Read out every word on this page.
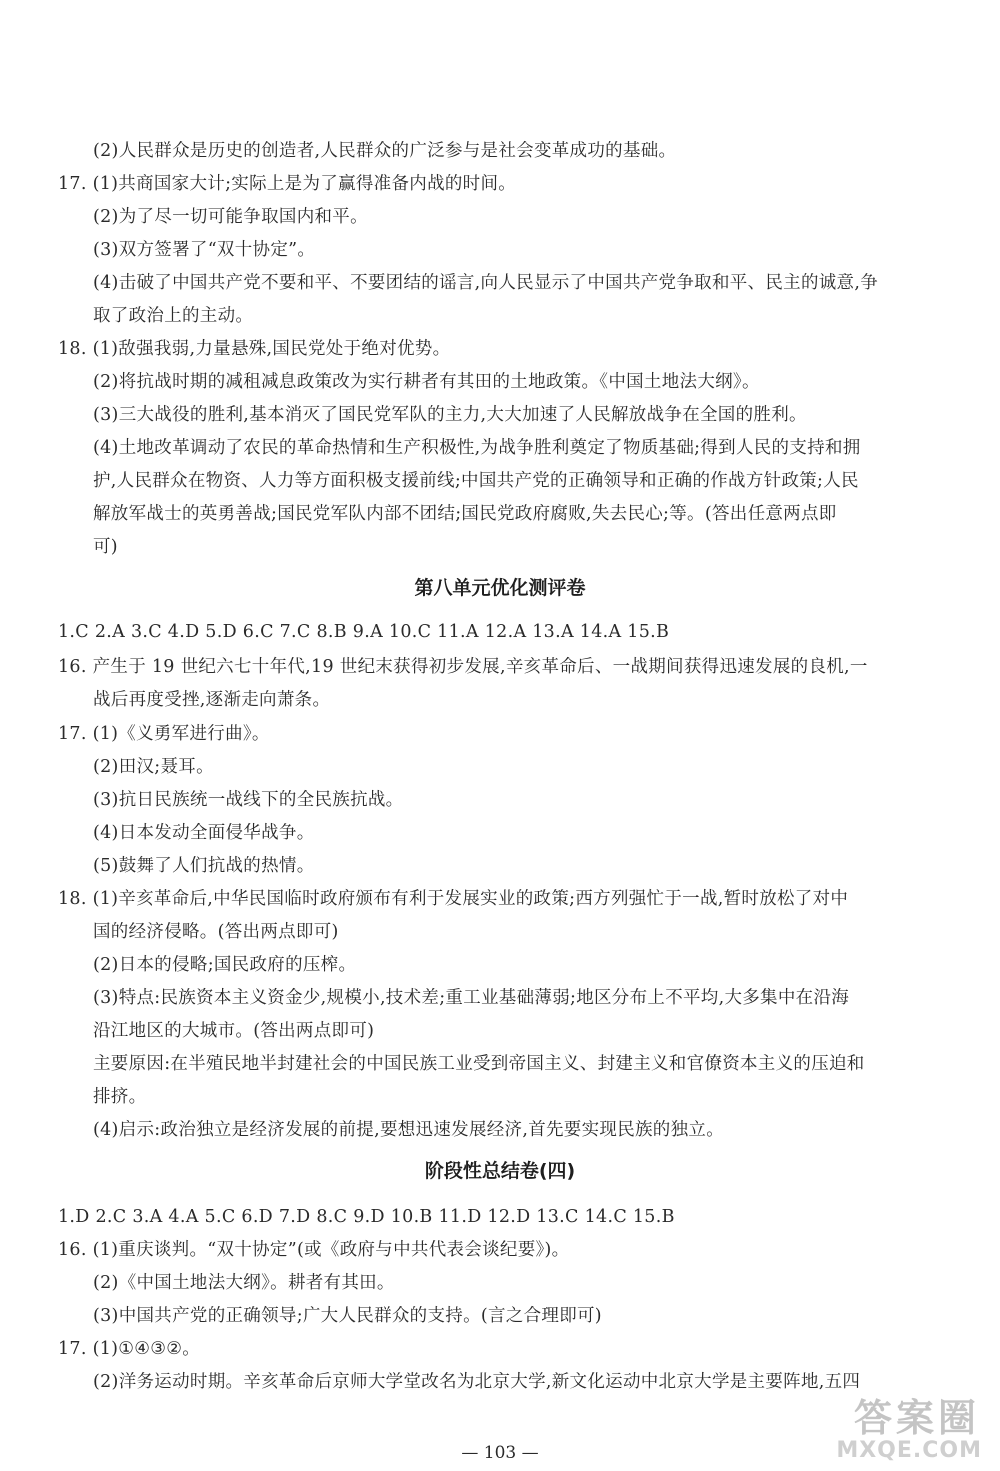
(2)人民群众是历史的创造者,人民群众的广泛参与是社会变革成功的基础。
17. (1)共商国家大计;实际上是为了赢得准备内战的时间。
(2)为了尽一切可能争取国内和平。
(3)双方签署了“双十协定”。
(4)击破了中国共产党不要和平、不要团结的谣言,向人民显示了中国共产党争取和平、民主的诚意,争
取了政治上的主动。
18. (1)敌强我弱,力量悬殊,国民党处于绝对优势。
(2)将抗战时期的减租减息政策改为实行耕者有其田的土地政策。《中国土地法大纲》。
(3)三大战役的胜利,基本消灭了国民党军队的主力,大大加速了人民解放战争在全国的胜利。
(4)土地改革调动了农民的革命热情和生产积极性,为战争胜利奠定了物质基础;得到人民的支持和拥
护,人民群众在物资、人力等方面积极支援前线;中国共产党的正确领导和正确的作战方针政策;人民
解放军战士的英勇善战;国民党军队内部不团结;国民党政府腐败,失去民心;等。(答出任意两点即
可)
第八单元优化测评卷
1.C 2.A 3.C 4.D 5.D 6.C 7.C 8.B 9.A 10.C 11.A 12.A 13.A 14.A 15.B
16. 产生于 19 世纪六七十年代,19 世纪末获得初步发展,辛亥革命后、一战期间获得迅速发展的良机,一
战后再度受挫,逐渐走向萧条。
17. (1)《义勇军进行曲》。
(2)田汉;聂耳。
(3)抗日民族统一战线下的全民族抗战。
(4)日本发动全面侵华战争。
(5)鼓舞了人们抗战的热情。
18. (1)辛亥革命后,中华民国临时政府颁布有利于发展实业的政策;西方列强忙于一战,暂时放松了对中
国的经济侵略。(答出两点即可)
(2)日本的侵略;国民政府的压榨。
(3)特点:民族资本主义资金少,规模小,技术差;重工业基础薄弱;地区分布上不平均,大多集中在沿海
沿江地区的大城市。(答出两点即可)
主要原因:在半殖民地半封建社会的中国民族工业受到帝国主义、封建主义和官僚资本主义的压迫和
排挤。
(4)启示:政治独立是经济发展的前提,要想迅速发展经济,首先要实现民族的独立。
阶段性总结卷(四)
1.D 2.C 3.A 4.A 5.C 6.D 7.D 8.C 9.D 10.B 11.D 12.D 13.C 14.C 15.B
16. (1)重庆谈判。“双十协定”(或《政府与中共代表会谈纪要》)。
(2)《中国土地法大纲》。耕者有其田。
(3)中国共产党的正确领导;广大人民群众的支持。(言之合理即可)
17. (1)①④③②。
(2)洋务运动时期。辛亥革命后京师大学堂改名为北京大学,新文化运动中北京大学是主要阵地,五四
— 103 —
答案圈
MXQE.COM
